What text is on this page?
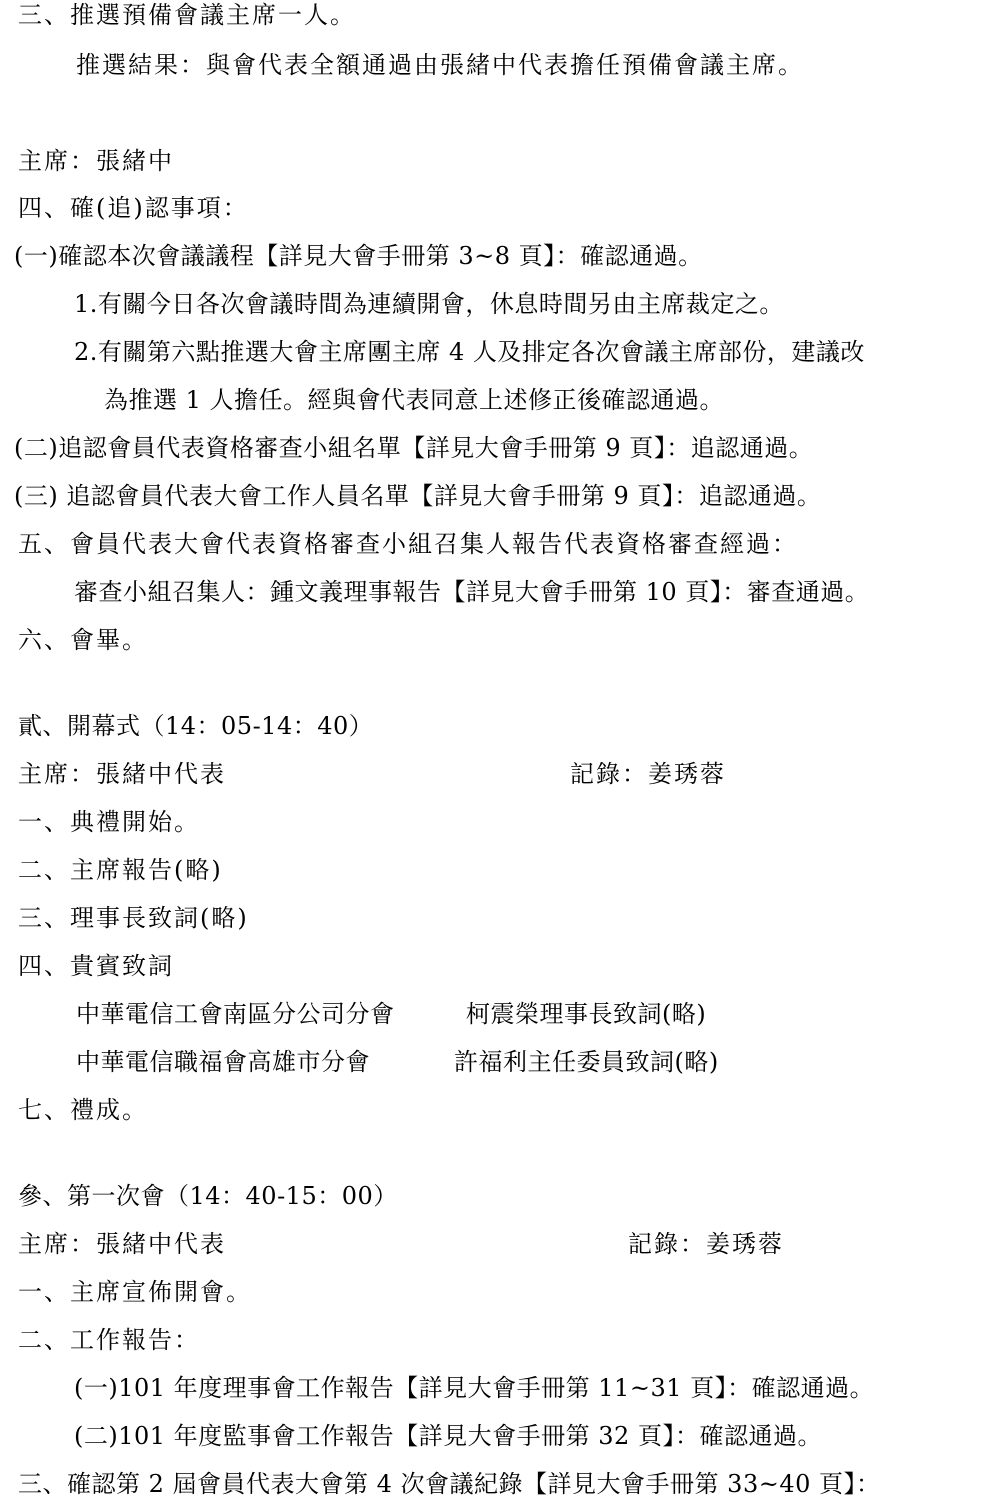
三、推選預備會議主席一人。
推選結果：與會代表全額通過由張緒中代表擔任預備會議主席。
主席：張緒中
四、確(追)認事項：
(一)確認本次會議議程【詳見大會手冊第 3~8 頁】：確認通過。
1.有關今日各次會議時間為連續開會，休息時間另由主席裁定之。
2.有關第六點推選大會主席團主席 4 人及排定各次會議主席部份，建議改
為推選 1 人擔任。經與會代表同意上述修正後確認通過。
(二)追認會員代表資格審查小組名單【詳見大會手冊第 9 頁】：追認通過。
(三) 追認會員代表大會工作人員名單【詳見大會手冊第 9 頁】：追認通過。
五、會員代表大會代表資格審查小組召集人報告代表資格審查經過：
審查小組召集人：鍾文義理事報告【詳見大會手冊第 10 頁】：審查通過。
六、會畢。
貳、開幕式（14：05-14：40）
主席：張緒中代表	記錄：姜琇蓉
一、典禮開始。
二、主席報告(略)
三、理事長致詞(略)
四、貴賓致詞
中華電信工會南區分公司分會	柯震榮理事長致詞(略)
中華電信職福會高雄市分會	許福利主任委員致詞(略)
七、禮成。
參、第一次會（14：40-15：00）
主席：張緒中代表	記錄：姜琇蓉
一、主席宣佈開會。
二、工作報告：
(一)101 年度理事會工作報告【詳見大會手冊第 11~31 頁】：確認通過。
(二)101 年度監事會工作報告【詳見大會手冊第 32 頁】：確認通過。
三、確認第 2 屆會員代表大會第 4 次會議紀錄【詳見大會手冊第 33~40 頁】：
